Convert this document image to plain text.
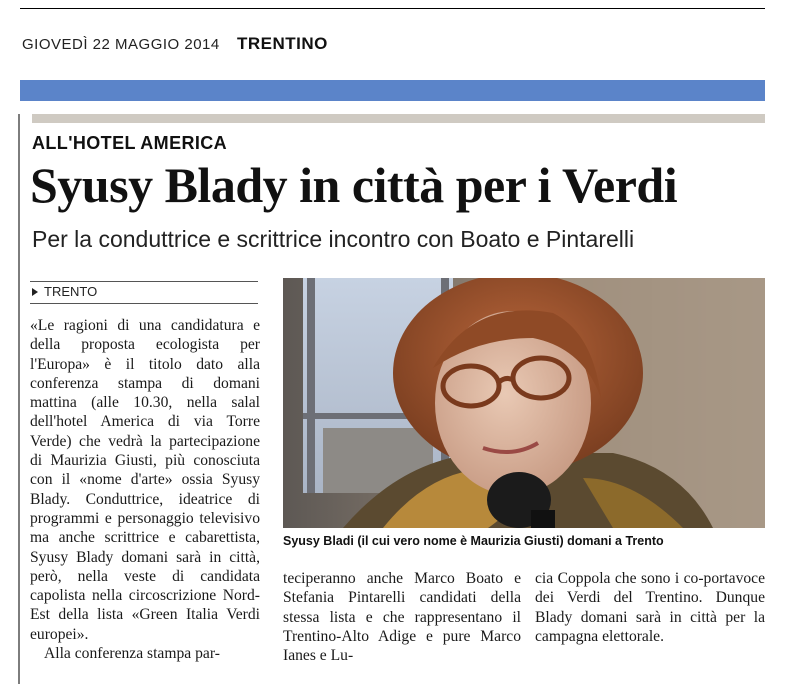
GIOVEDÌ 22 MAGGIO 2014 TRENTINO
ALL'HOTEL AMERICA
Syusy Blady in città per i Verdi
Per la conduttrice e scrittrice incontro con Boato e Pintarelli
TRENTO
«Le ragioni di una candidatura e della proposta ecologista per l'Europa» è il titolo dato alla conferenza stampa di domani mattina (alle 10.30, nella salal dell'hotel America di via Torre Verde) che vedrà la partecipazione di Maurizia Giusti, più conosciuta con il «nome d'arte» ossia Syusy Blady. Conduttrice, ideatrice di programmi e personaggio televisivo ma anche scrittrice e cabarettista, Syusy Blady domani sarà in città, però, nella veste di candidata capolista nella circoscrizione Nord-Est della lista «Green Italia Verdi europei».
Alla conferenza stampa par-
Syusy Bladi (il cui vero nome è Maurizia Giusti) domani a Trento
teciperanno anche Marco Boato e Stefania Pintarelli candidati della stessa lista e che rappresentano il Trentino-Alto Adige e pure Marco Ianes e Lu-
cia Coppola che sono i co-portavoce dei Verdi del Trentino. Dunque Blady domani sarà in città per la campagna elettorale.
